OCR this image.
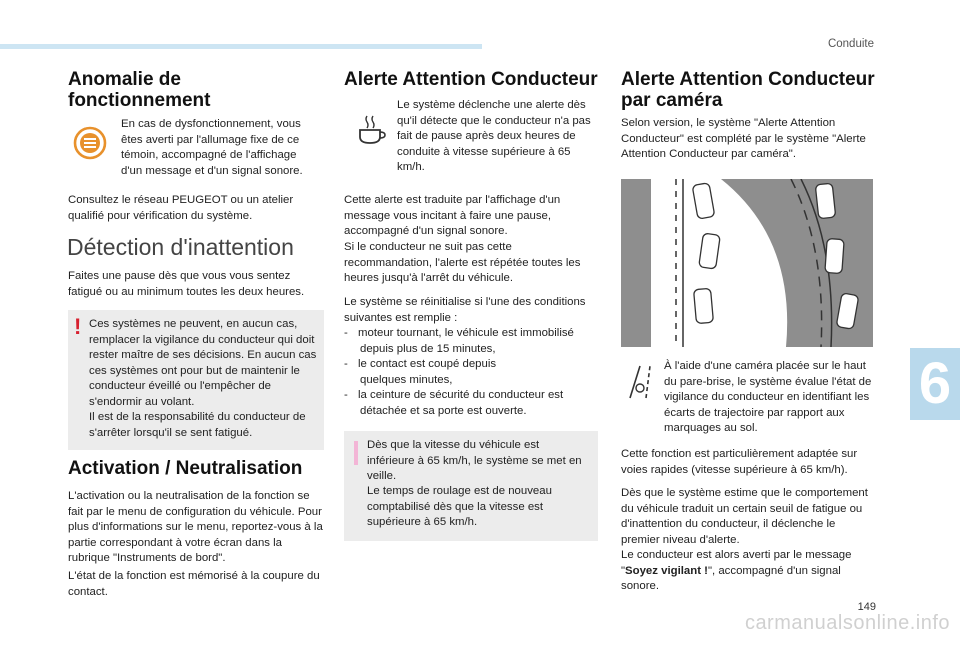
Conduite
6
149
Anomalie de
fonctionnement
En cas de dysfonctionnement, vous êtes averti par l'allumage fixe de ce témoin, accompagné de l'affichage d'un message et d'un signal sonore.
Consultez le réseau PEUGEOT ou un atelier qualifié pour vérification du système.
Détection d'inattention
Faites une pause dès que vous vous sentez fatigué ou au minimum toutes les deux heures.
! Ces systèmes ne peuvent, en aucun cas, remplacer la vigilance du conducteur qui doit rester maître de ses décisions. En aucun cas ces systèmes ont pour but de maintenir le conducteur éveillé ou l'empêcher de s'endormir au volant.
Il est de la responsabilité du conducteur de s'arrêter lorsqu'il se sent fatigué.
Activation / Neutralisation
L'activation ou la neutralisation de la fonction se fait par le menu de configuration du véhicule. Pour plus d'informations sur le menu, reportez-vous à la partie correspondant à votre écran dans la rubrique "Instruments de bord".
L'état de la fonction est mémorisé à la coupure du contact.
Alerte Attention Conducteur
Le système déclenche une alerte dès qu'il détecte que le conducteur n'a pas fait de pause après deux heures de conduite à vitesse supérieure à 65 km/h.
Cette alerte est traduite par l'affichage d'un message vous incitant à faire une pause, accompagné d'un signal sonore.
Si le conducteur ne suit pas cette recommandation, l'alerte est répétée toutes les heures jusqu'à l'arrêt du véhicule.
Le système se réinitialise si l'une des conditions suivantes est remplie :
- moteur tournant, le véhicule est immobilisé
depuis plus de 15 minutes,
- le contact est coupé depuis
quelques minutes,
- la ceinture de sécurité du conducteur est
détachée et sa porte est ouverte.
Dès que la vitesse du véhicule est inférieure à 65 km/h, le système se met en veille.
Le temps de roulage est de nouveau comptabilisé dès que la vitesse est supérieure à 65 km/h.
Alerte Attention Conducteur
par caméra
Selon version, le système "Alerte Attention Conducteur" est complété par le système "Alerte Attention Conducteur par caméra".
À l'aide d'une caméra placée sur le haut du pare-brise, le système évalue l'état de vigilance du conducteur en identifiant les écarts de trajectoire par rapport aux marquages au sol.
Cette fonction est particulièrement adaptée sur voies rapides (vitesse supérieure à 65 km/h).
Dès que le système estime que le comportement du véhicule traduit un certain seuil de fatigue ou d'inattention du conducteur, il déclenche le premier niveau d'alerte.
Le conducteur est alors averti par le message "Soyez vigilant !", accompagné d'un signal sonore.
carmanualsonline.info
